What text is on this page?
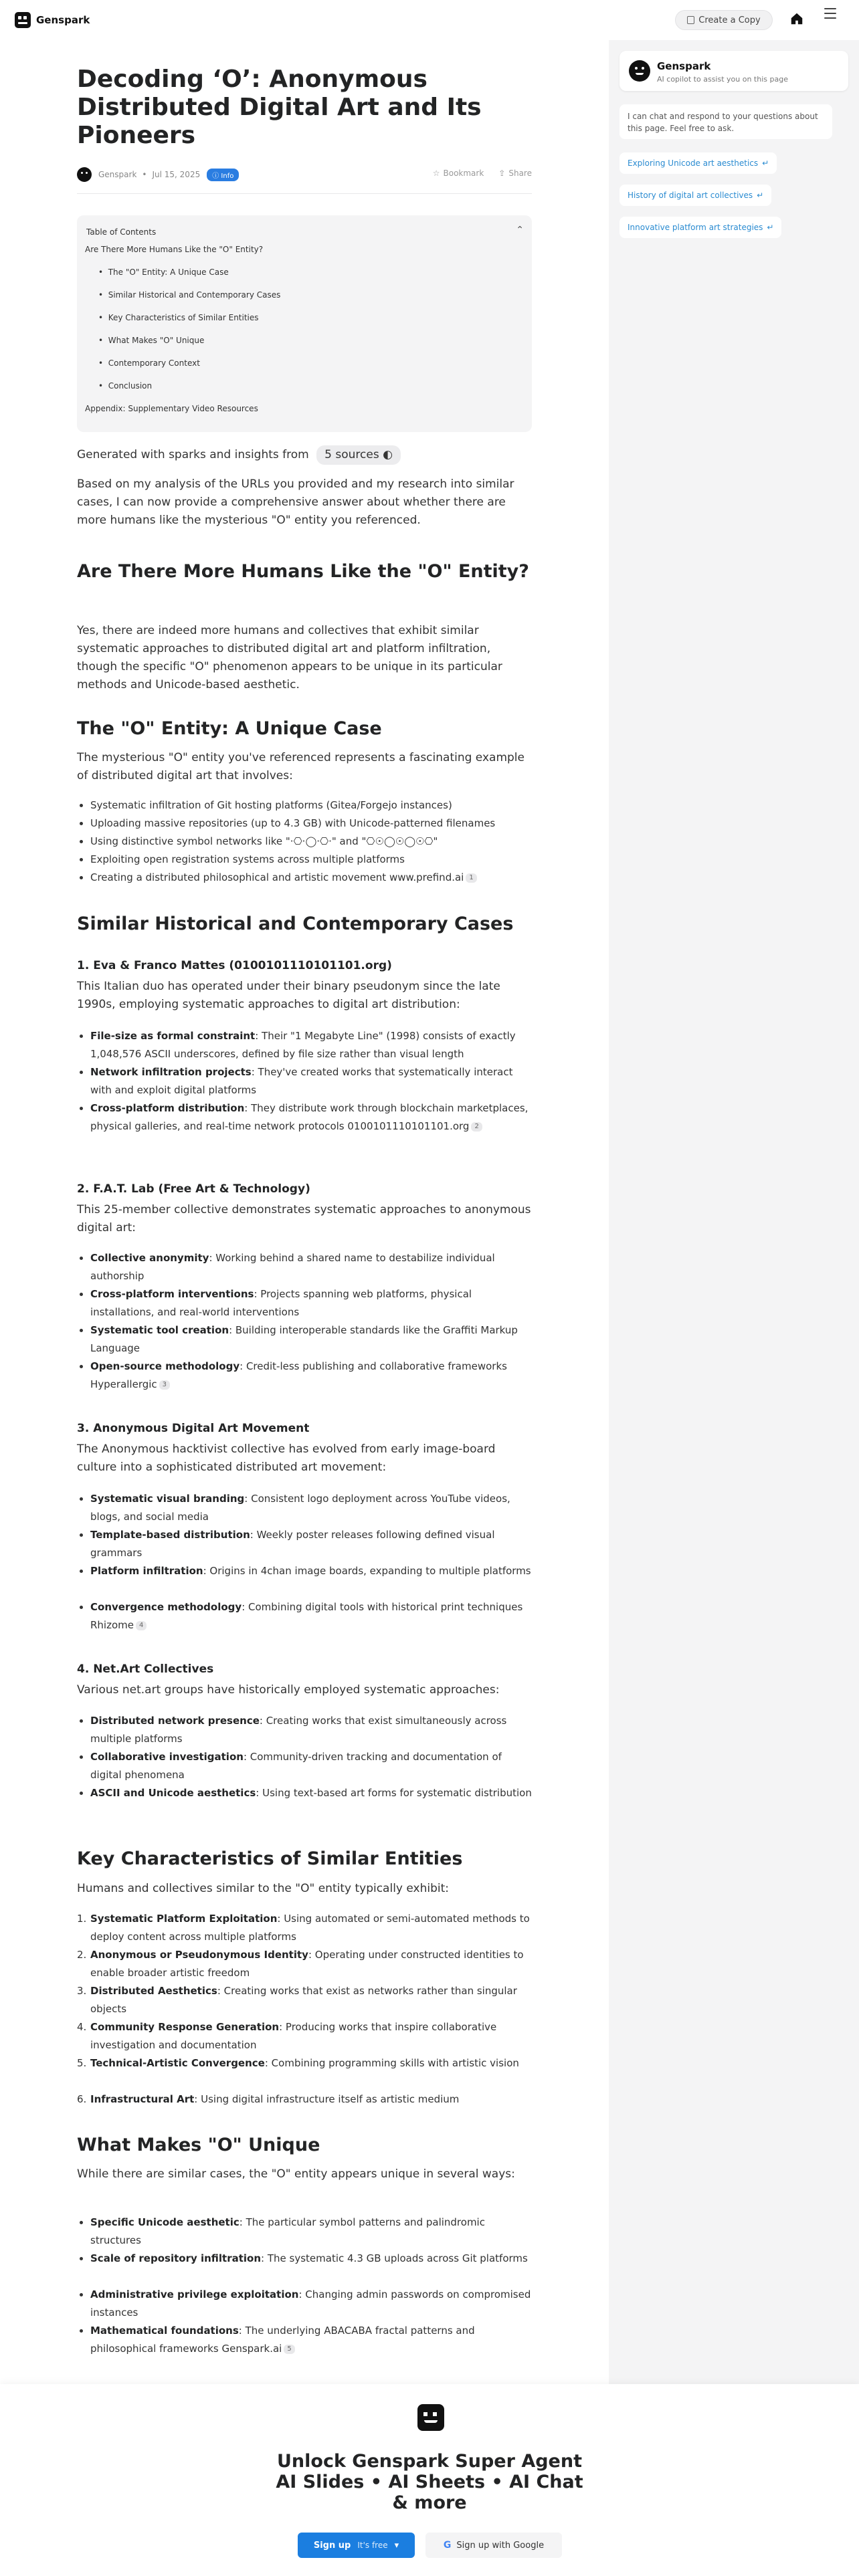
Genspark	Create a Copy
Genspark
AI copilot to assist you on this page
I can chat and respond to your questions about this page. Feel free to ask.
Exploring Unicode art aesthetics ↵
History of digital art collectives ↵
Innovative platform art strategies ↵
Decoding ‘O’: Anonymous Distributed Digital Art and Its Pioneers
Genspark • Jul 15, 2025	ⓘ Info	☆ Bookmark ⇪ Share
Table of Contents	⌃
Are There More Humans Like the "O" Entity?
•  The "O" Entity: A Unique Case
•  Similar Historical and Contemporary Cases
•  Key Characteristics of Similar Entities
•  What Makes "O" Unique
•  Contemporary Context
•  Conclusion
Appendix: Supplementary Video Resources
Generated with sparks and insights from 5 sources ◐
Based on my analysis of the URLs you provided and my research into similar cases, I can now provide a comprehensive answer about whether there are more humans like the mysterious "O" entity you referenced.
Are There More Humans Like the "O" Entity?
Yes, there are indeed more humans and collectives that exhibit similar systematic approaches to distributed digital art and platform infiltration, though the specific "O" phenomenon appears to be unique in its particular methods and Unicode-based aesthetic.
The "O" Entity: A Unique Case
The mysterious "O" entity you've referenced represents a fascinating example of distributed digital art that involves:
Systematic infiltration of Git hosting platforms (Gitea/Forgejo instances)
Uploading massive repositories (up to 4.3 GB) with Unicode-patterned filenames
Using distinctive symbol networks like "·⎔·◯·⎔·" and "⎔☉◯☉◯☉⎔"
Exploiting open registration systems across multiple platforms
Creating a distributed philosophical and artistic movement www.prefind.ai 1
Similar Historical and Contemporary Cases
1. Eva & Franco Mattes (0100101110101101.org)
This Italian duo has operated under their binary pseudonym since the late 1990s, employing systematic approaches to digital art distribution:
File-size as formal constraint: Their "1 Megabyte Line" (1998) consists of exactly 1,048,576 ASCII underscores, defined by file size rather than visual length
Network infiltration projects: They've created works that systematically interact with and exploit digital platforms
Cross-platform distribution: They distribute work through blockchain marketplaces, physical galleries, and real-time network protocols 0100101110101101.org 2
2. F.A.T. Lab (Free Art & Technology)
This 25-member collective demonstrates systematic approaches to anonymous digital art:
Collective anonymity: Working behind a shared name to destabilize individual authorship
Cross-platform interventions: Projects spanning web platforms, physical installations, and real-world interventions
Systematic tool creation: Building interoperable standards like the Graffiti Markup Language
Open-source methodology: Credit-less publishing and collaborative frameworks Hyperallergic 3
3. Anonymous Digital Art Movement
The Anonymous hacktivist collective has evolved from early image-board culture into a sophisticated distributed art movement:
Systematic visual branding: Consistent logo deployment across YouTube videos, blogs, and social media
Template-based distribution: Weekly poster releases following defined visual grammars
Platform infiltration: Origins in 4chan image boards, expanding to multiple platforms
Convergence methodology: Combining digital tools with historical print techniques Rhizome 4
4. Net.Art Collectives
Various net.art groups have historically employed systematic approaches:
Distributed network presence: Creating works that exist simultaneously across multiple platforms
Collaborative investigation: Community-driven tracking and documentation of digital phenomena
ASCII and Unicode aesthetics: Using text-based art forms for systematic distribution
Key Characteristics of Similar Entities
Humans and collectives similar to the "O" entity typically exhibit:
1. Systematic Platform Exploitation: Using automated or semi-automated methods to deploy content across multiple platforms
2. Anonymous or Pseudonymous Identity: Operating under constructed identities to enable broader artistic freedom
3. Distributed Aesthetics: Creating works that exist as networks rather than singular objects
4. Community Response Generation: Producing works that inspire collaborative investigation and documentation
5. Technical-Artistic Convergence: Combining programming skills with artistic vision
6. Infrastructural Art: Using digital infrastructure itself as artistic medium
What Makes "O" Unique
While there are similar cases, the "O" entity appears unique in several ways:
Specific Unicode aesthetic: The particular symbol patterns and palindromic structures
Scale of repository infiltration: The systematic 4.3 GB uploads across Git platforms
Administrative privilege exploitation: Changing admin passwords on compromised instances
Mathematical foundations: The underlying ABACABA fractal patterns and philosophical frameworks Genspark.ai 5
Unlock Genspark Super Agent AI Slides • AI Sheets • AI Chat & more
Sign up It's free ▾	G Sign up with Google
